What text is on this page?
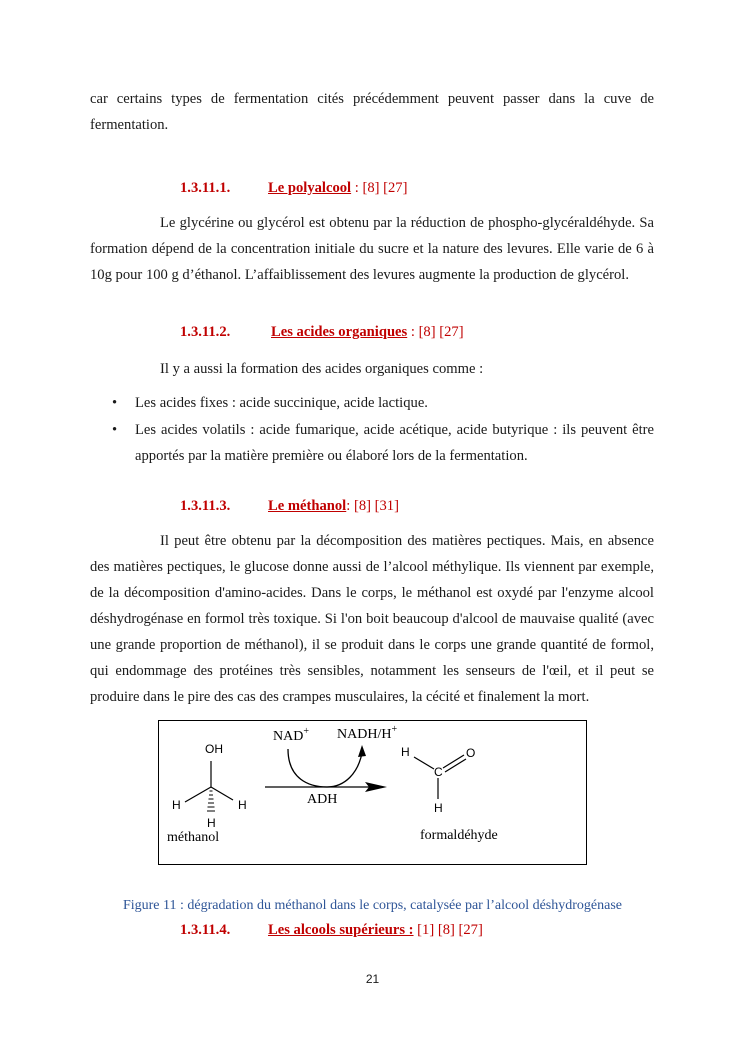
car certains types de fermentation cités précédemment peuvent passer dans la cuve de fermentation.

1.3.11.1.	Le polyalcool : [8] [27]

Le glycérine ou glycérol est obtenu par la réduction de phospho-glycéraldéhyde. Sa formation dépend de la concentration initiale du sucre et la nature des levures. Elle varie de 6 à 10g pour 100 g d’éthanol. L’affaiblissement des levures augmente la production de glycérol.

1.3.11.2.	Les acides organiques : [8] [27]

Il y a aussi la formation des acides organiques comme :

• Les acides fixes : acide succinique, acide lactique.
• Les acides volatils : acide fumarique, acide acétique, acide butyrique : ils peuvent être apportés par la matière première ou élaboré lors de la fermentation.
1.3.11.3.	Le méthanol: [8] [31]

Il peut être obtenu par la décomposition des matières pectiques. Mais, en absence des matières pectiques, le glucose donne aussi de l’alcool méthylique. Ils viennent par exemple, de la décomposition d'amino-acides. Dans le corps, le méthanol est oxydé par l'enzyme alcool déshydrogénase en formol très toxique. Si l'on boit beaucoup d'alcool de mauvaise qualité (avec une grande proportion de méthanol), il se produit dans le corps une grande quantité de formol, qui endommage des protéines très sensibles, notamment les senseurs de l'œil, et il peut se produire dans le pire des cas des crampes musculaires, la cécité et finalement la mort.

OH
H	H
H
méthanol
NAD+ NADH/H+
ADH
H	O
C
H
formaldéhyde
Figure 11 : dégradation du méthanol dans le corps, catalysée par l’alcool déshydrogénase
1.3.11.4.	Les alcools supérieurs : [1] [8] [27]
21
